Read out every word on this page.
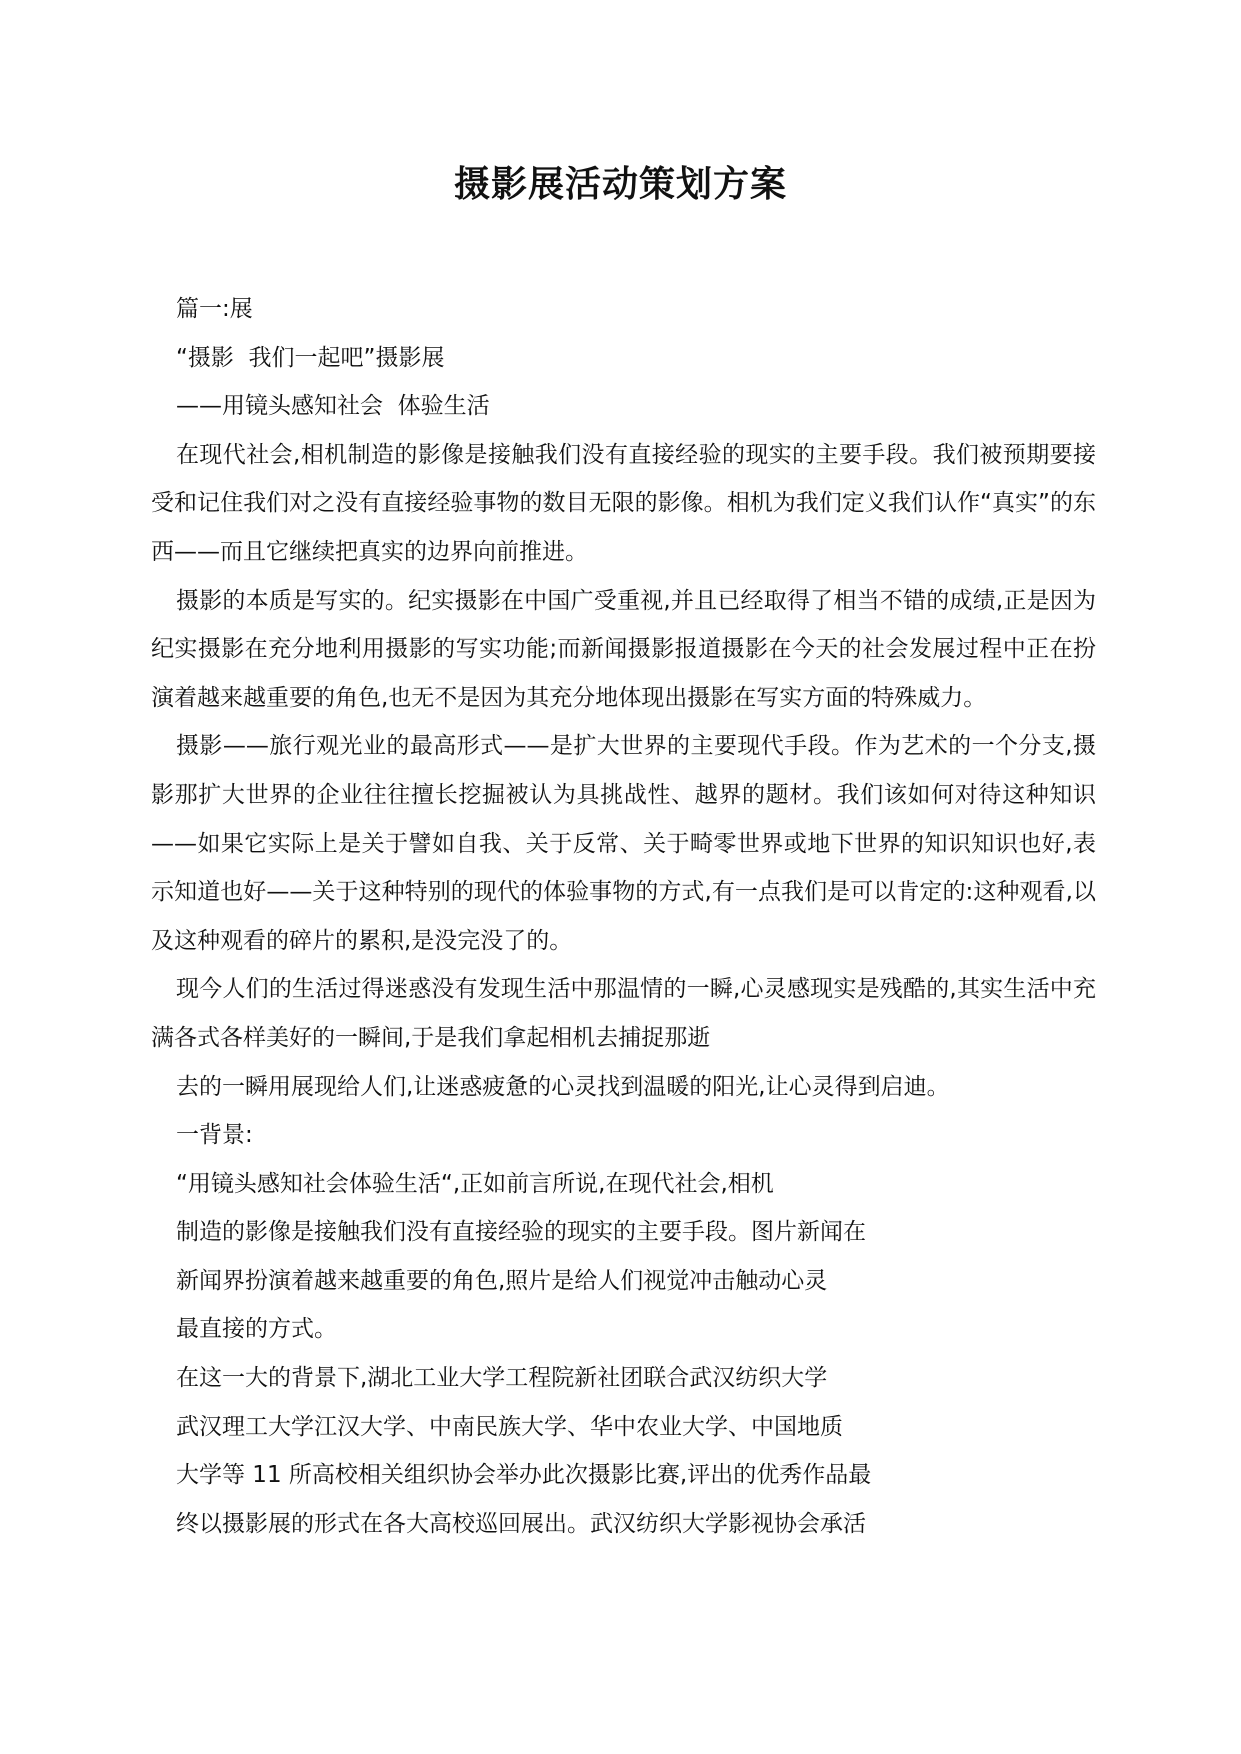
摄影展活动策划方案
篇一:展
“摄影  我们一起吧”摄影展
——用镜头感知社会  体验生活
在现代社会,相机制造的影像是接触我们没有直接经验的现实的主要手段。我们被预期要接受和记住我们对之没有直接经验事物的数目无限的影像。相机为我们定义我们认作“真实”的东西——而且它继续把真实的边界向前推进。
摄影的本质是写实的。纪实摄影在中国广受重视,并且已经取得了相当不错的成绩,正是因为纪实摄影在充分地利用摄影的写实功能;而新闻摄影报道摄影在今天的社会发展过程中正在扮演着越来越重要的角色,也无不是因为其充分地体现出摄影在写实方面的特殊威力。
摄影——旅行观光业的最高形式——是扩大世界的主要现代手段。作为艺术的一个分支,摄影那扩大世界的企业往往擅长挖掘被认为具挑战性、越界的题材。我们该如何对待这种知识——如果它实际上是关于譬如自我、关于反常、关于畸零世界或地下世界的知识知识也好,表示知道也好——关于这种特别的现代的体验事物的方式,有一点我们是可以肯定的:这种观看,以及这种观看的碎片的累积,是没完没了的。
现今人们的生活过得迷惑没有发现生活中那温情的一瞬,心灵感现实是残酷的,其实生活中充满各式各样美好的一瞬间,于是我们拿起相机去捕捉那逝
去的一瞬用展现给人们,让迷惑疲惫的心灵找到温暖的阳光,让心灵得到启迪。
一背景:
“用镜头感知社会体验生活“,正如前言所说,在现代社会,相机
制造的影像是接触我们没有直接经验的现实的主要手段。图片新闻在
新闻界扮演着越来越重要的角色,照片是给人们视觉冲击触动心灵
最直接的方式。
在这一大的背景下,湖北工业大学工程院新社团联合武汉纺织大学
武汉理工大学江汉大学、中南民族大学、华中农业大学、中国地质
大学等 11 所高校相关组织协会举办此次摄影比赛,评出的优秀作品最
终以摄影展的形式在各大高校巡回展出。武汉纺织大学影视协会承活
